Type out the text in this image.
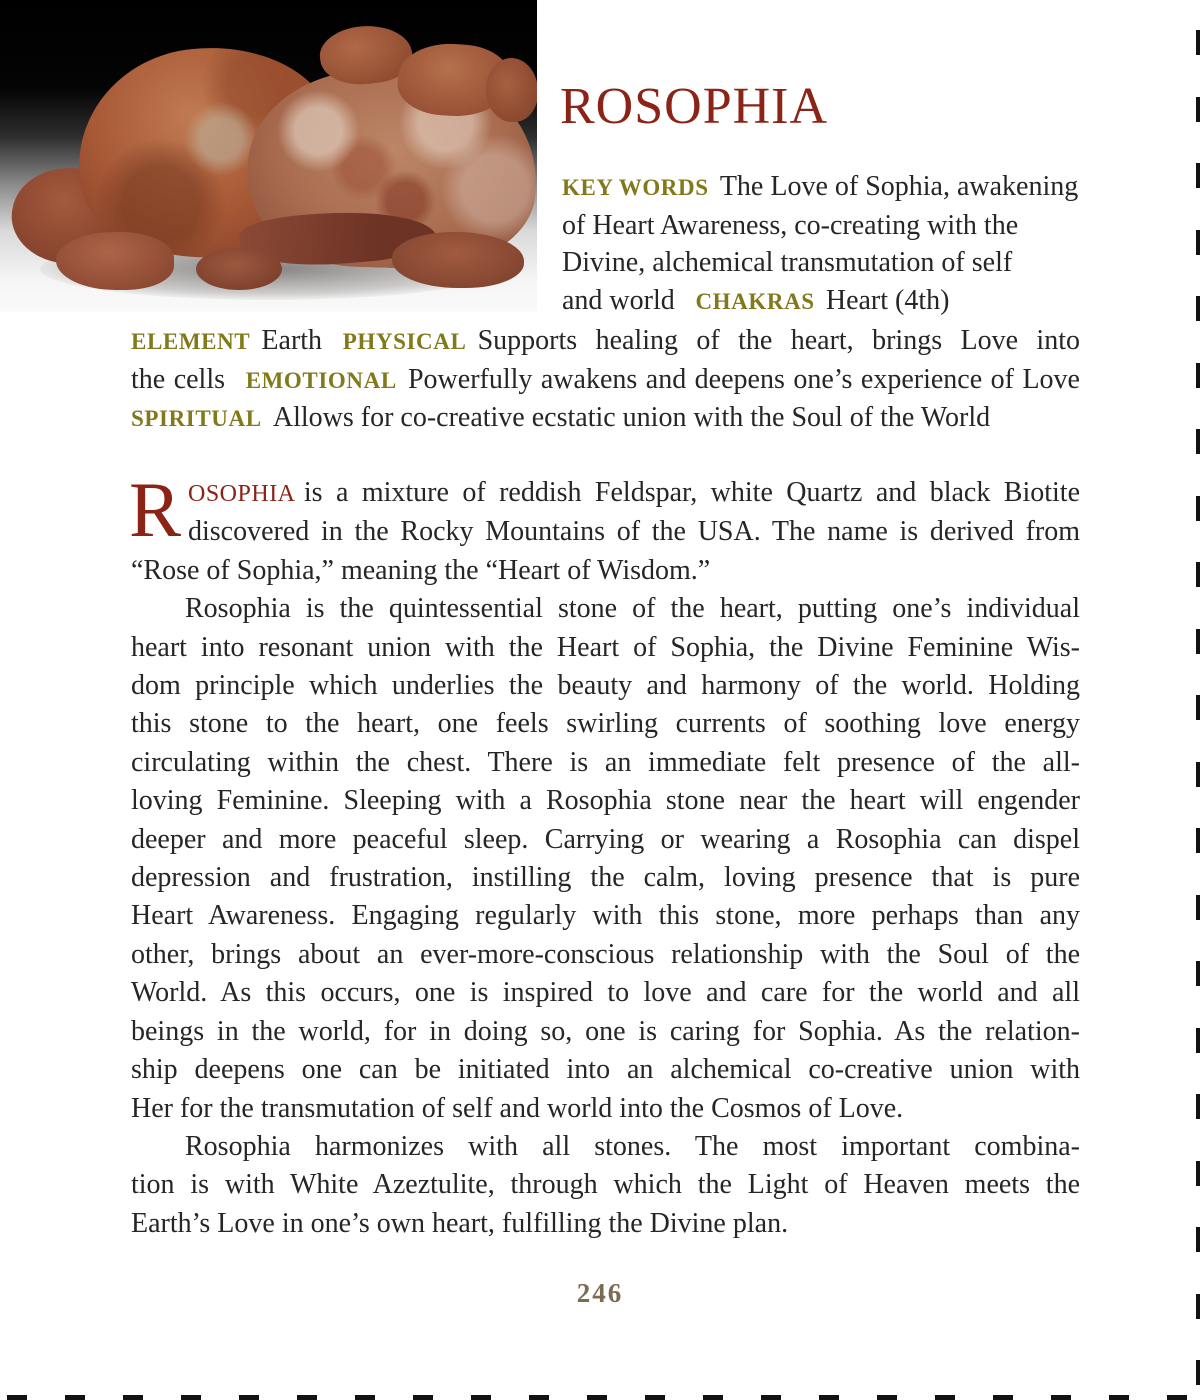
ROSOPHIA
KEY WORDS The Love of Sophia, awakening
of Heart Awareness, co-creating with the
Divine, alchemical transmutation of self
and world CHAKRAS Heart (4th)
ELEMENT Earth PHYSICAL Supports healing of the heart, brings Love into
the cells EMOTIONAL Powerfully awakens and deepens one’s experience of Love
SPIRITUAL Allows for co-creative ecstatic union with the Soul of the World
R OSOPHIA is a mixture of reddish Feldspar, white Quartz and black Biotite
discovered in the Rocky Mountains of the USA. The name is derived from
“Rose of Sophia,” meaning the “Heart of Wisdom.”
Rosophia is the quintessential stone of the heart, putting one’s individual
heart into resonant union with the Heart of Sophia, the Divine Feminine Wis-
dom principle which underlies the beauty and harmony of the world. Holding
this stone to the heart, one feels swirling currents of soothing love energy
circulating within the chest. There is an immediate felt presence of the all-
loving Feminine. Sleeping with a Rosophia stone near the heart will engender
deeper and more peaceful sleep. Carrying or wearing a Rosophia can dispel
depression and frustration, instilling the calm, loving presence that is pure
Heart Awareness. Engaging regularly with this stone, more perhaps than any
other, brings about an ever-more-conscious relationship with the Soul of the
World. As this occurs, one is inspired to love and care for the world and all
beings in the world, for in doing so, one is caring for Sophia. As the relation-
ship deepens one can be initiated into an alchemical co-creative union with
Her for the transmutation of self and world into the Cosmos of Love.
Rosophia harmonizes with all stones. The most important combina-
tion is with White Azeztulite, through which the Light of Heaven meets the
Earth’s Love in one’s own heart, fulfilling the Divine plan.
246
